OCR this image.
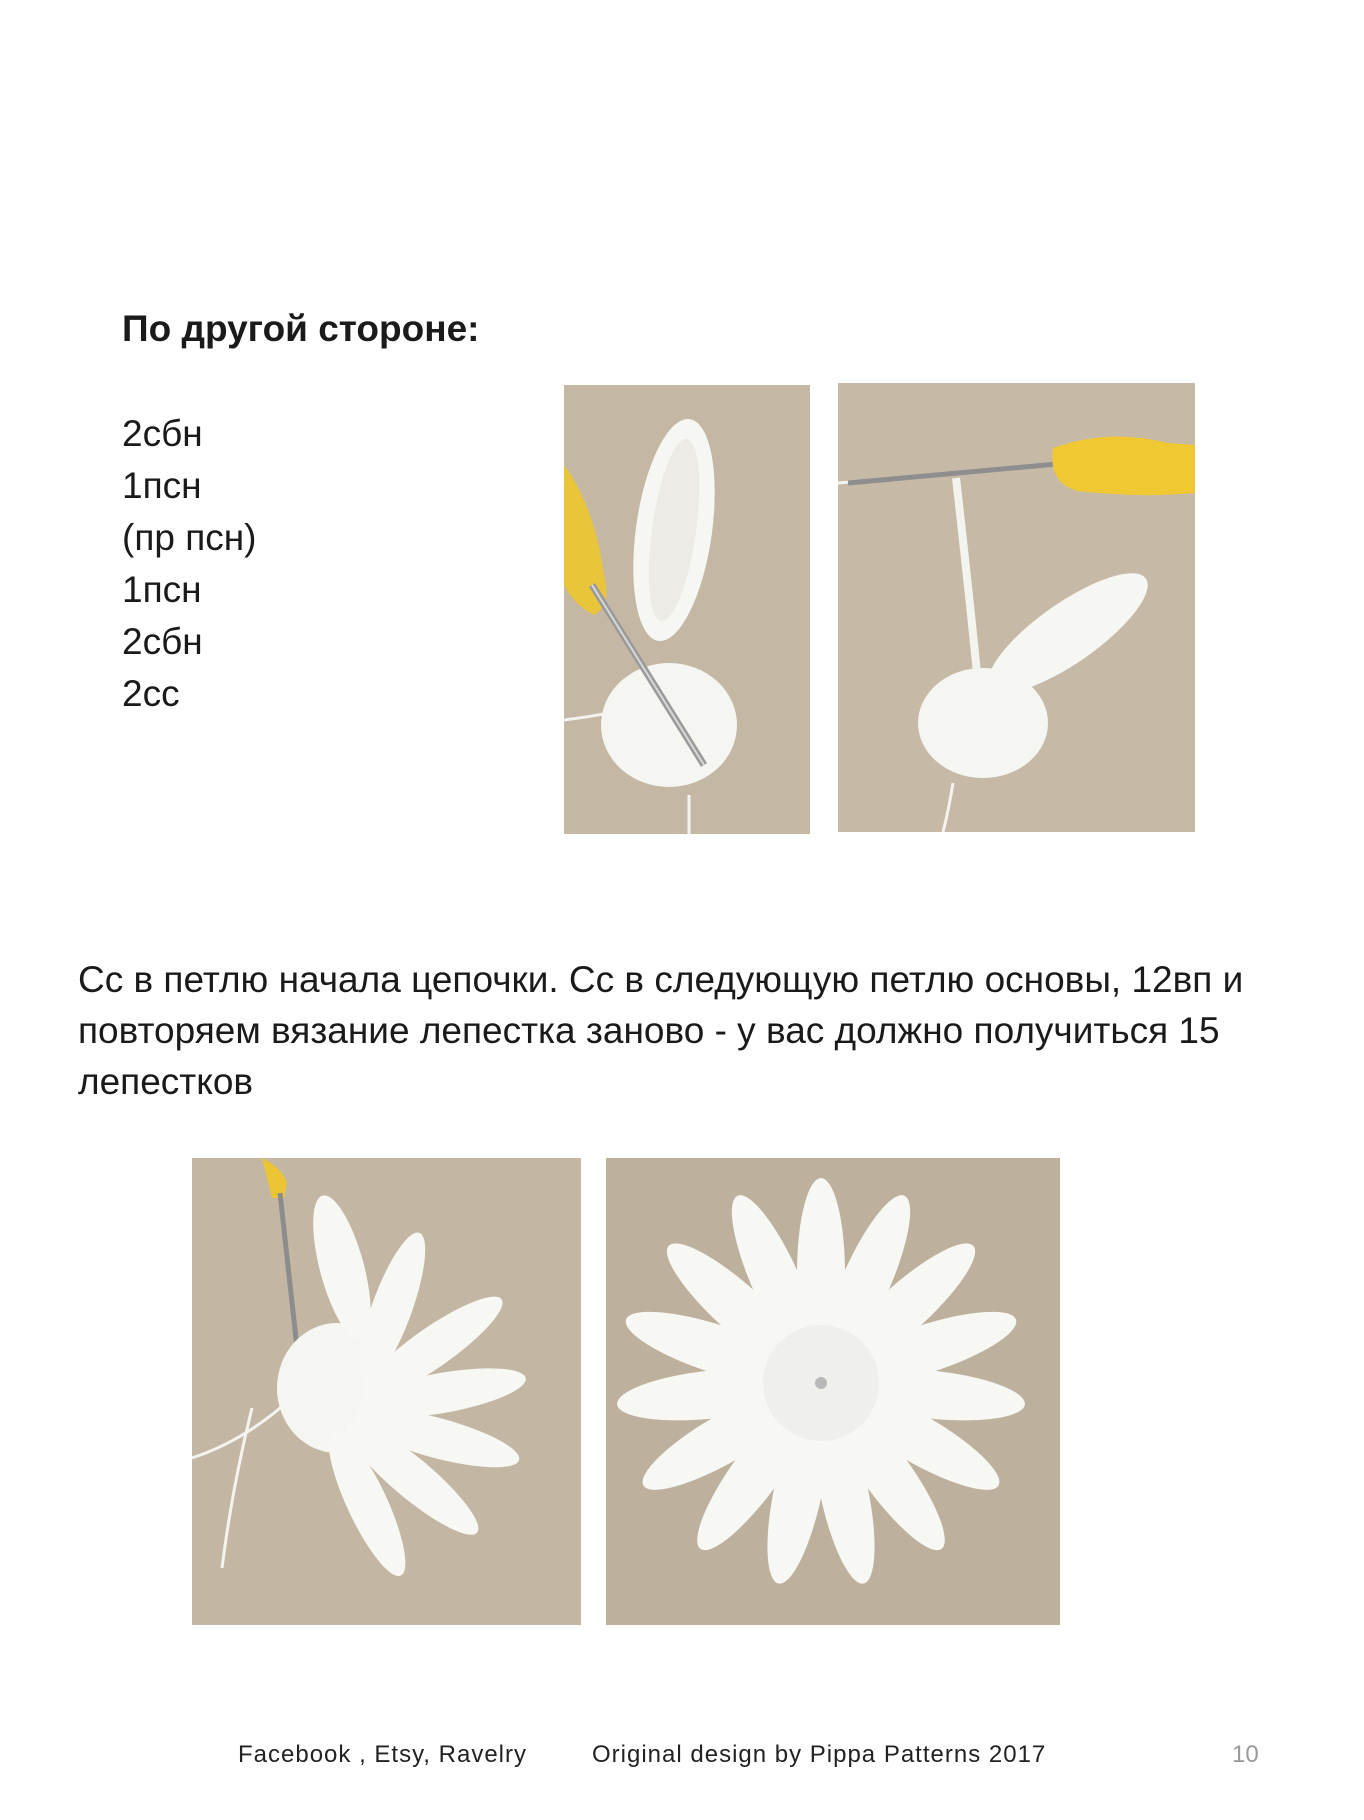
По другой стороне:
2сбн
1псн
(пр псн)
1псн
2сбн
2сс

Сс в петлю начала цепочки. Сс в следующую петлю основы, 12вп и повторяем вязание лепестка заново - у вас должно получиться 15 лепестков

Facebook , Etsy, Ravelry	Original design by Pippa Patterns 2017	10
